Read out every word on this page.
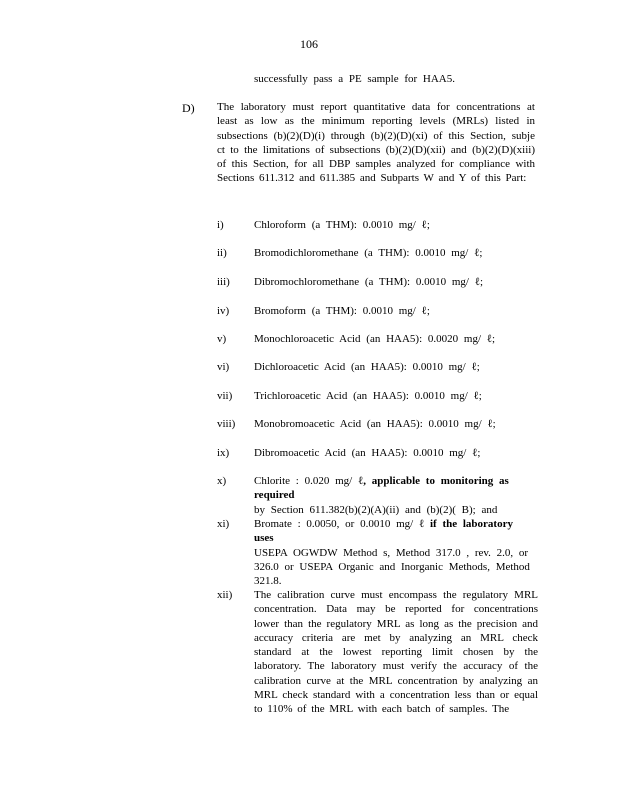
106
successfully pass a PE sample for HAA5.
D) The laboratory must report quantitative data for concentrations at least as low as the minimum reporting levels (MRLs) listed in subsections (b)(2)(D)(i) through (b)(2)(D)(xi) of this Section, subje ct to the limitations of subsections (b)(2)(D)(xii) and (b)(2)(D)(xiii) of this Section, for all DBP samples analyzed for compliance with Sections 611.312 and 611.385 and Subparts W and Y of this Part:
i)	Chloroform (a THM): 0.0010 mg/ ℓ;
ii)	Bromodichloromethane (a THM): 0.0010 mg/ ℓ;
iii)	Dibromochloromethane (a THM): 0.0010 mg/ ℓ;
iv)	Bromoform (a THM): 0.0010 mg/ ℓ;
v)	Monochloroacetic Acid (an HAA5): 0.0020 mg/ ℓ;
vi)	Dichloroacetic Acid (an HAA5): 0.0010 mg/ ℓ;
vii)	Trichloroacetic Acid (an HAA5): 0.0010 mg/ ℓ;
viii)	Monobromoacetic Acid (an HAA5): 0.0010 mg/ ℓ;
ix)	Dibromoacetic Acid (an HAA5): 0.0010 mg/ ℓ;
x)	Chlorite : 0.020 mg/ ℓ, applicable to monitoring as required
by Section 611.382(b)(2)(A)(ii) and (b)(2)( B); and
xi)	Bromate : 0.0050, or 0.0010 mg/ ℓ if the laboratory uses
USEPA OGWDW Method s, Method 317.0 , rev. 2.0, or 326.0 or USEPA Organic and Inorganic Methods, Method 321.8.
xii)	The calibration curve must encompass the regulatory MRL concentration. Data may be reported for concentrations lower than the regulatory MRL as long as the precision and accuracy criteria are met by analyzing an MRL check standard at the lowest reporting limit chosen by the laboratory. The laboratory must verify the accuracy of the calibration curve at the MRL concentration by analyzing an MRL check standard with a concentration less than or equal to 110% of the MRL with each batch of samples. The
